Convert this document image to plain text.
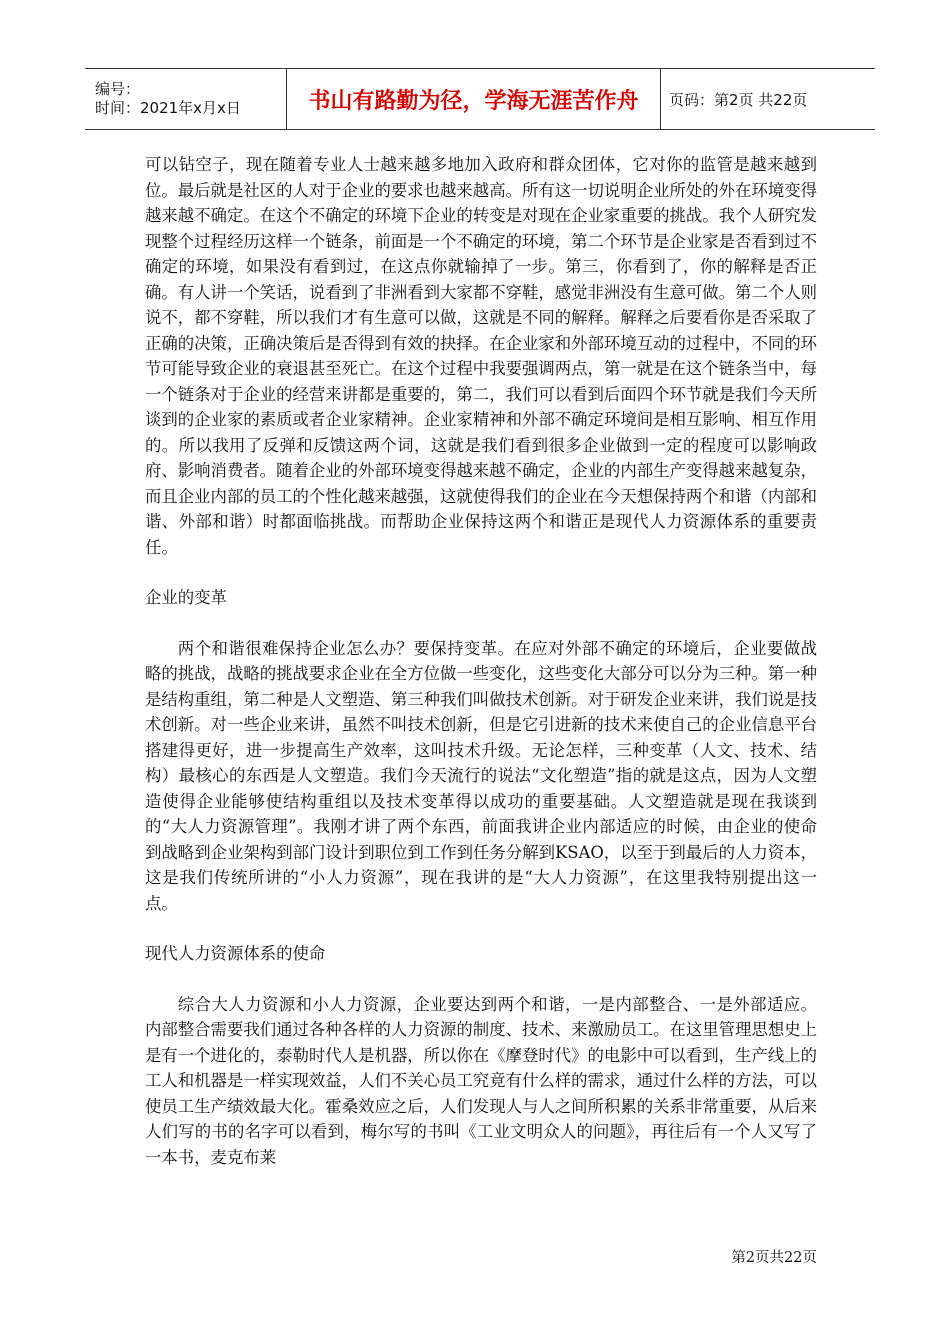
编号：
时间：2021年x月x日	书山有路勤为径，学海无涯苦作舟 页码：第2页 共22页

可以钻空子，现在随着专业人士越来越多地加入政府和群众团体，它对你的监管是越来越到位。最后就是社区的人对于企业的要求也越来越高。所有这一切说明企业所处的外在环境变得越来越不确定。在这个不确定的环境下企业的转变是对现在企业家重要的挑战。我个人研究发现整个过程经历这样一个链条，前面是一个不确定的环境，第二个环节是企业家是否看到过不确定的环境，如果没有看到过，在这点你就输掉了一步。第三，你看到了，你的解释是否正确。有人讲一个笑话，说看到了非洲看到大家都不穿鞋，感觉非洲没有生意可做。第二个人则说不，都不穿鞋，所以我们才有生意可以做，这就是不同的解释。解释之后要看你是否采取了正确的决策，正确决策后是否得到有效的抉择。在企业家和外部环境互动的过程中，不同的环节可能导致企业的衰退甚至死亡。在这个过程中我要强调两点，第一就是在这个链条当中，每一个链条对于企业的经营来讲都是重要的，第二，我们可以看到后面四个环节就是我们今天所谈到的企业家的素质或者企业家精神。企业家精神和外部不确定环境间是相互影响、相互作用的。所以我用了反弹和反馈这两个词，这就是我们看到很多企业做到一定的程度可以影响政府、影响消费者。随着企业的外部环境变得越来越不确定，企业的内部生产变得越来越复杂，而且企业内部的员工的个性化越来越强，这就使得我们的企业在今天想保持两个和谐（内部和谐、外部和谐）时都面临挑战。而帮助企业保持这两个和谐正是现代人力资源体系的重要责任。

企业的变革

两个和谐很难保持企业怎么办？要保持变革。在应对外部不确定的环境后，企业要做战略的挑战，战略的挑战要求企业在全方位做一些变化，这些变化大部分可以分为三种。第一种是结构重组，第二种是人文塑造、第三种我们叫做技术创新。对于研发企业来讲，我们说是技术创新。对一些企业来讲，虽然不叫技术创新，但是它引进新的技术来使自己的企业信息平台搭建得更好，进一步提高生产效率，这叫技术升级。无论怎样，三种变革（人文、技术、结构）最核心的东西是人文塑造。我们今天流行的说法“文化塑造”指的就是这点，因为人文塑造使得企业能够使结构重组以及技术变革得以成功的重要基础。人文塑造就是现在我谈到的“大人力资源管理”。我刚才讲了两个东西，前面我讲企业内部适应的时候，由企业的使命到战略到企业架构到部门设计到职位到工作到任务分解到KSAO，以至于到最后的人力资本，这是我们传统所讲的“小人力资源”，现在我讲的是“大人力资源”，在这里我特别提出这一点。

现代人力资源体系的使命

综合大人力资源和小人力资源，企业要达到两个和谐，一是内部整合、一是外部适应。内部整合需要我们通过各种各样的人力资源的制度、技术、来激励员工。在这里管理思想史上是有一个进化的，泰勒时代人是机器，所以你在《摩登时代》的电影中可以看到，生产线上的工人和机器是一样实现效益，人们不关心员工究竟有什么样的需求，通过什么样的方法，可以使员工生产绩效最大化。霍桑效应之后，人们发现人与人之间所积累的关系非常重要，从后来人们写的书的名字可以看到，梅尔写的书叫《工业文明众人的问题》，再往后有一个人又写了一本书，麦克布莱

第2页共22页
